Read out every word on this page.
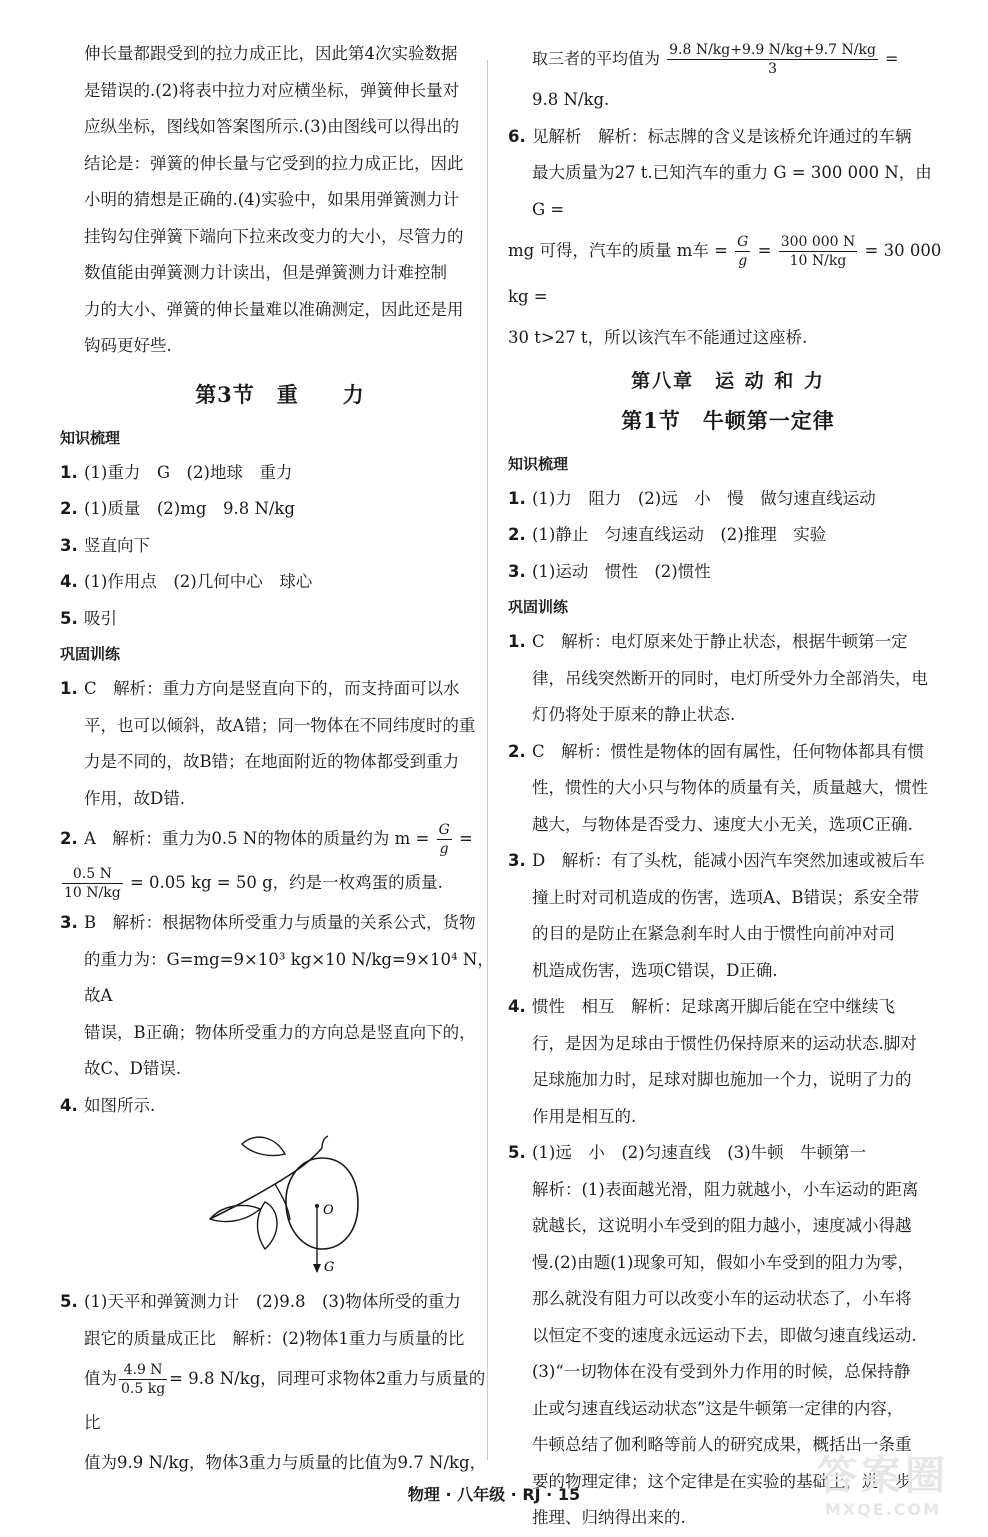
伸长量都跟受到的拉力成正比，因此第4次实验数据

是错误的.(2)将表中拉力对应横坐标，弹簧伸长量对

应纵坐标，图线如答案图所示.(3)由图线可以得出的

结论是：弹簧的伸长量与它受到的拉力成正比，因此

小明的猜想是正确的.(4)实验中，如果用弹簧测力计

挂钩勾住弹簧下端向下拉来改变力的大小，尽管力的

数值能由弹簧测力计读出，但是弹簧测力计难控制

力的大小、弹簧的伸长量难以准确测定，因此还是用

钩码更好些.

第3节　重　　力

知识梳理

1. (1)重力　G　(2)地球　重力
2. (1)质量　(2)mg　9.8 N/kg
3. 竖直向下
4. (1)作用点　(2)几何中心　球心
5. 吸引

巩固训练

1. C　解析：重力方向是竖直向下的，而支持面可以水
平，也可以倾斜，故A错；同一物体在不同纬度时的重
力是不同的，故B错；在地面附近的物体都受到重力
作用，故D错.
2. A　解析：重力为0.5 N的物体的质量约为 $m = \frac{G}{g}$ =
$\frac{0.5 N}{10 N/kg} = 0.05$ kg = 50 g，约是一枚鸡蛋的质量.
3. B　解析：根据物体所受重力与质量的关系公式，货物
的重力为：G=mg=9×10³ kg×10 N/kg=9×10⁴ N，故A
错误，B正确；物体所受重力的方向总是竖直向下的，
故C、D错误.
4. 如图所示.
O
G
5. (1)天平和弹簧测力计　(2)9.8　(3)物体所受的重力
跟它的质量成正比　解析：(2)物体1重力与质量的比
值为 $\frac{4.9 N}{0.5 kg} = 9.8$ N/kg，同理可求物体2重力与质量的比
值为9.9 N/kg，物体3重力与质量的比值为9.7 N/kg，
取三者的平均值为 $\frac{9.8 N/kg+9.9 N/kg+9.7 N/kg}{3}$ =

9.8 N/kg.

6. 见解析　解析：标志牌的含义是该桥允许通过的车辆
最大质量为27 t.已知汽车的重力 G = 300 000 N，由 G =
mg 可得，汽车的质量 m车 = $\frac{G}{g} = \frac{300 000 N}{10 N/kg} = 30$ 000 kg =
30 t>27 t，所以该汽车不能通过这座桥.
第八章　运 动 和 力
第1节　牛顿第一定律

知识梳理

1. (1)力　阻力　(2)远　小　慢　做匀速直线运动
2. (1)静止　匀速直线运动　(2)推理　实验
3. (1)运动　惯性　(2)惯性

巩固训练

1. C　解析：电灯原来处于静止状态，根据牛顿第一定
律，吊线突然断开的同时，电灯所受外力全部消失，电
灯仍将处于原来的静止状态.
2. C　解析：惯性是物体的固有属性，任何物体都具有惯
性，惯性的大小只与物体的质量有关，质量越大，惯性
越大，与物体是否受力、速度大小无关，选项C正确.
3. D　解析：有了头枕，能减小因汽车突然加速或被后车
撞上时对司机造成的伤害，选项A、B错误；系安全带
的目的是防止在紧急刹车时人由于惯性向前冲对司
机造成伤害，选项C错误，D正确.
4. 惯性　相互　解析：足球离开脚后能在空中继续飞
行，是因为足球由于惯性仍保持原来的运动状态.脚对
足球施加力时，足球对脚也施加一个力，说明了力的
作用是相互的.
5. (1)远　小　(2)匀速直线　(3)牛顿　牛顿第一
解析：(1)表面越光滑，阻力就越小，小车运动的距离
就越长，这说明小车受到的阻力越小，速度减小得越
慢.(2)由题(1)现象可知，假如小车受到的阻力为零，
那么就没有阻力可以改变小车的运动状态了，小车将
以恒定不变的速度永远运动下去，即做匀速直线运动.
(3)“一切物体在没有受到外力作用的时候，总保持静
止或匀速直线运动状态”这是牛顿第一定律的内容，
牛顿总结了伽利略等前人的研究成果，概括出一条重
要的物理定律；这个定律是在实验的基础上，进一步
推理、归纳得出来的.
物理 · 八年级 · RJ · 15	答案圈
MXQE.COM
